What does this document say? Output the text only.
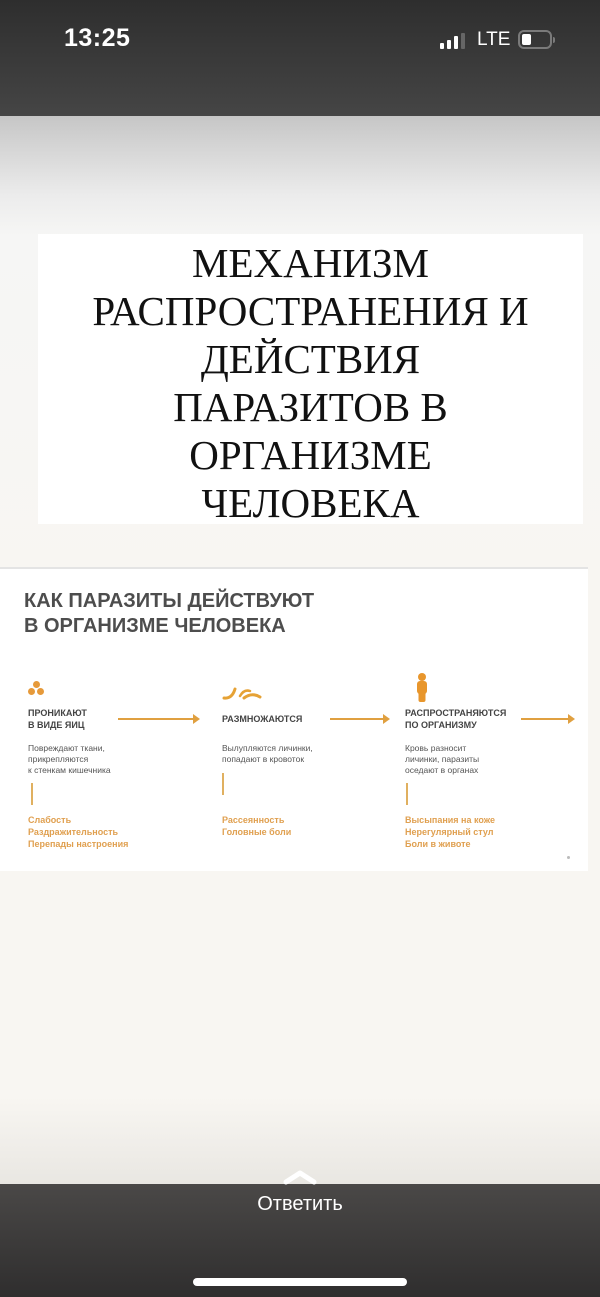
13:25	LTE
МЕХАНИЗМ
РАСПРОСТРАНЕНИЯ И
ДЕЙСТВИЯ
ПАРАЗИТОВ В
ОРГАНИЗМЕ
ЧЕЛОВЕКА
КАК ПАРАЗИТЫ ДЕЙСТВУЮТ
В ОРГАНИЗМЕ ЧЕЛОВЕКА
ПРОНИКАЮТ
В ВИДЕ ЯИЦ
Повреждают ткани,
прикрепляются
к стенкам кишечника
Слабость
Раздражительность
Перепады настроения
РАЗМНОЖАЮТСЯ
Вылупляются личинки,
попадают в кровоток
Рассеянность
Головные боли
РАСПРОСТРАНЯЮТСЯ
ПО ОРГАНИЗМУ
Кровь разносит
личинки, паразиты
оседают в органах
Высыпания на коже
Нерегулярный стул
Боли в животе
Ответить
